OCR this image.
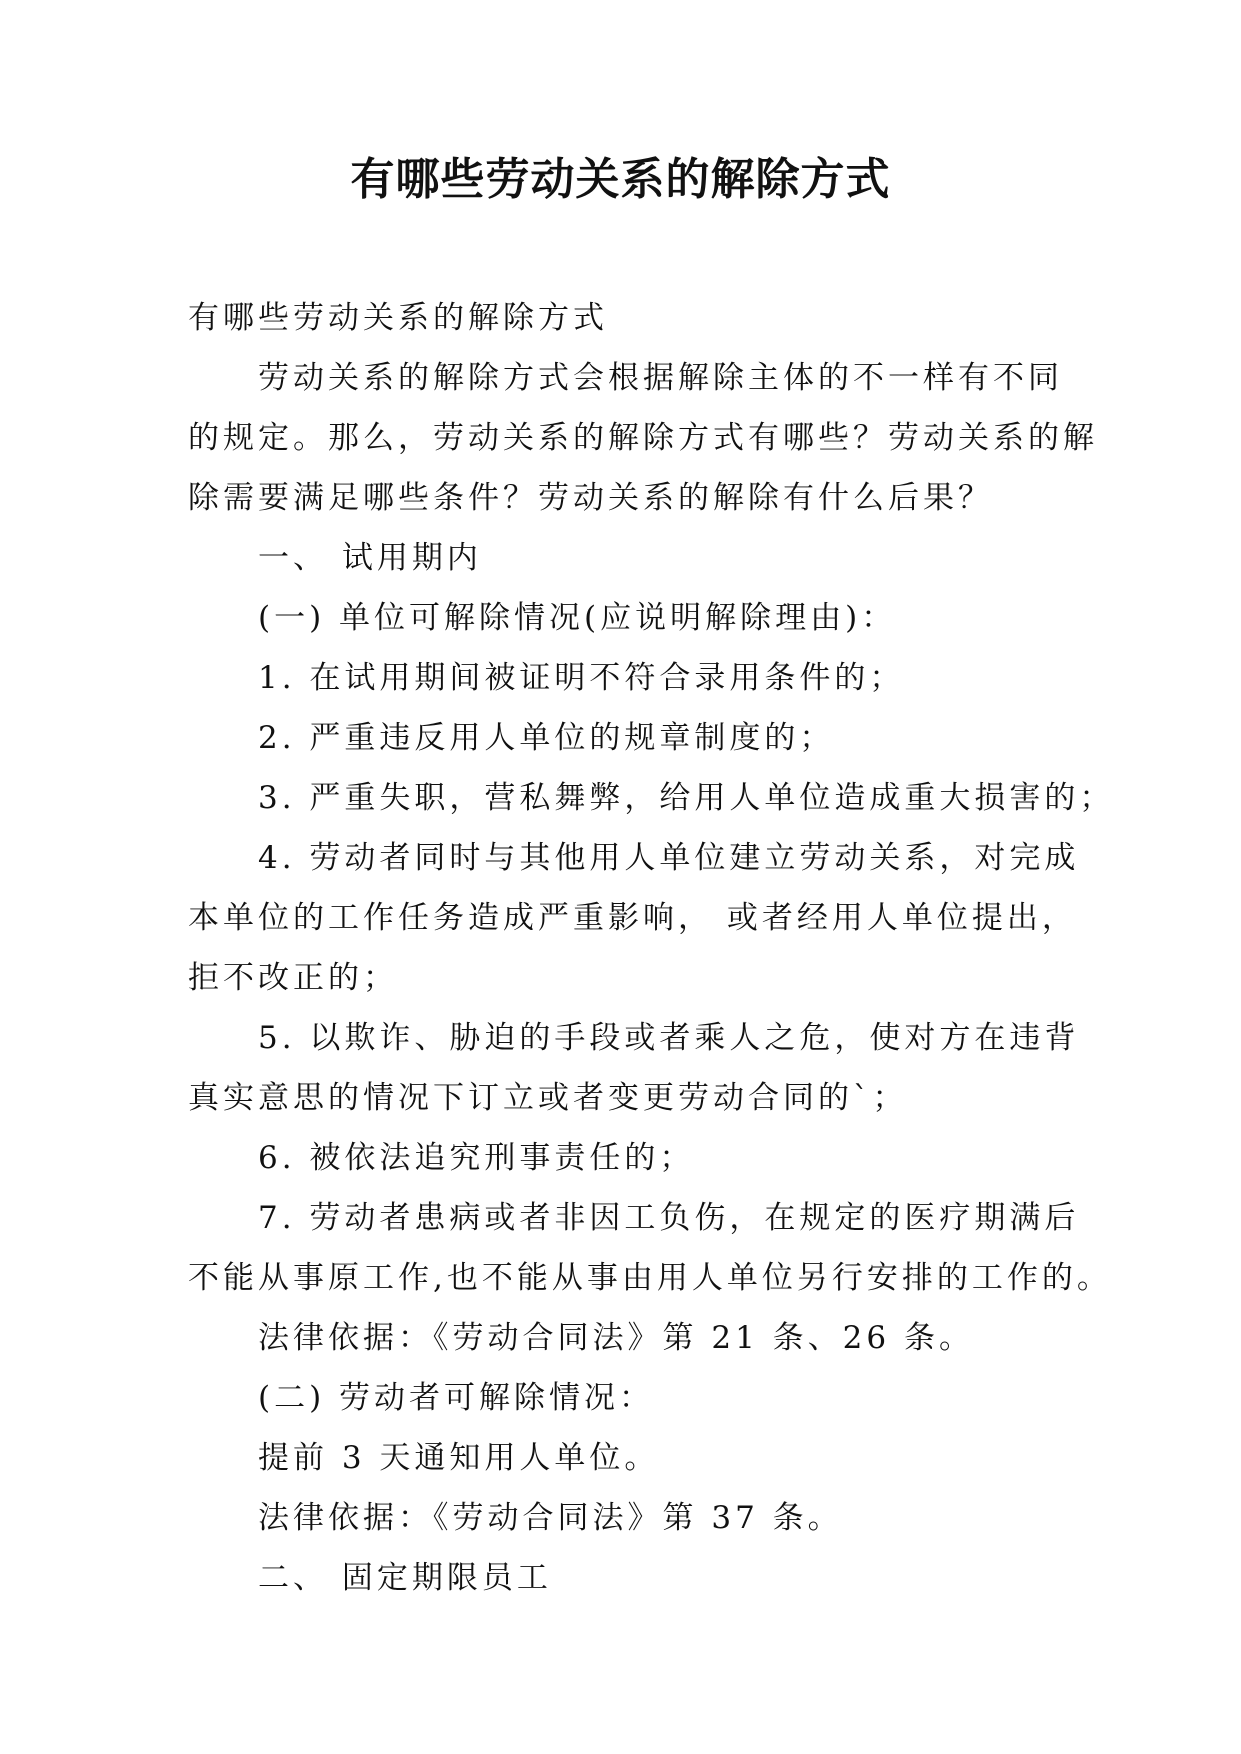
有哪些劳动关系的解除方式
有哪些劳动关系的解除方式
劳动关系的解除方式会根据解除主体的不一样有不同
的规定。那么，劳动关系的解除方式有哪些？劳动关系的解
除需要满足哪些条件？劳动关系的解除有什么后果？
一、 试用期内
(一) 单位可解除情况(应说明解除理由)：
1. 在试用期间被证明不符合录用条件的；
2. 严重违反用人单位的规章制度的；
3. 严重失职，营私舞弊，给用人单位造成重大损害的；
4. 劳动者同时与其他用人单位建立劳动关系，对完成
本单位的工作任务造成严重影响， 或者经用人单位提出，
拒不改正的；
5. 以欺诈、胁迫的手段或者乘人之危，使对方在违背
真实意思的情况下订立或者变更劳动合同的`；
6. 被依法追究刑事责任的；
7. 劳动者患病或者非因工负伤，在规定的医疗期满后
不能从事原工作,也不能从事由用人单位另行安排的工作的。
法律依据：《劳动合同法》第 21 条、26 条。
(二) 劳动者可解除情况：
提前 3 天通知用人单位。
法律依据：《劳动合同法》第 37 条。
二、 固定期限员工
